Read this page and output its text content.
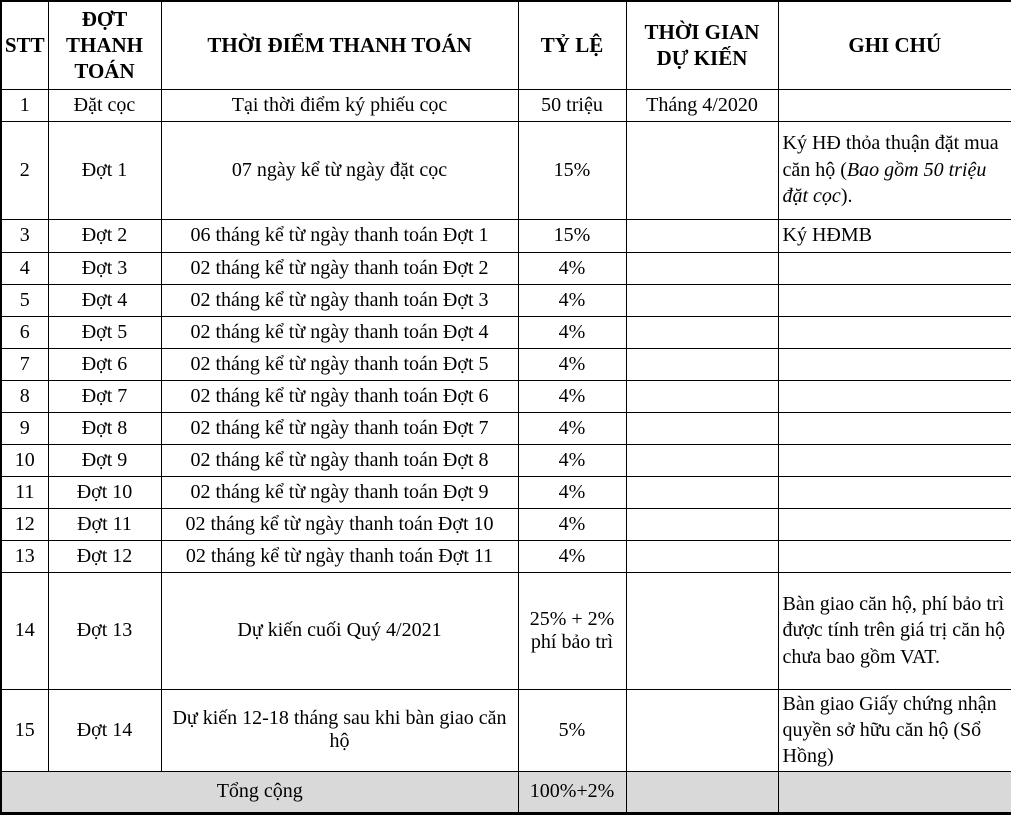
STT	ĐỢT THANH TOÁN	THỜI ĐIỂM THANH TOÁN	TỶ LỆ	THỜI GIAN DỰ KIẾN	GHI CHÚ
1	Đặt cọc	Tại thời điểm ký phiếu cọc	50 triệu	Tháng 4/2020	
2	Đợt 1	07 ngày kể từ ngày đặt cọc	15%		Ký HĐ thỏa thuận đặt mua căn hộ (Bao gồm 50 triệu đặt cọc).
3	Đợt 2	06 tháng kể từ ngày thanh toán Đợt 1	15%		Ký HĐMB
4	Đợt 3	02 tháng kể từ ngày thanh toán Đợt 2	4%		
5	Đợt 4	02 tháng kể từ ngày thanh toán Đợt 3	4%		
6	Đợt 5	02 tháng kể từ ngày thanh toán Đợt 4	4%		
7	Đợt 6	02 tháng kể từ ngày thanh toán Đợt 5	4%		
8	Đợt 7	02 tháng kể từ ngày thanh toán Đợt 6	4%		
9	Đợt 8	02 tháng kể từ ngày thanh toán Đợt 7	4%		
10	Đợt 9	02 tháng kể từ ngày thanh toán Đợt 8	4%		
11	Đợt 10	02 tháng kể từ ngày thanh toán Đợt 9	4%		
12	Đợt 11	02 tháng kể từ ngày thanh toán Đợt 10	4%		
13	Đợt 12	02 tháng kể từ ngày thanh toán Đợt 11	4%		
14	Đợt 13	Dự kiến cuối Quý 4/2021	25% + 2% phí bảo trì		Bàn giao căn hộ, phí bảo trì được tính trên giá trị căn hộ chưa bao gồm VAT.
15	Đợt 14	Dự kiến 12-18 tháng sau khi bàn giao căn hộ	5%		Bàn giao Giấy chứng nhận quyền sở hữu căn hộ (Sổ Hồng)
Tổng cộng			100%+2%		
